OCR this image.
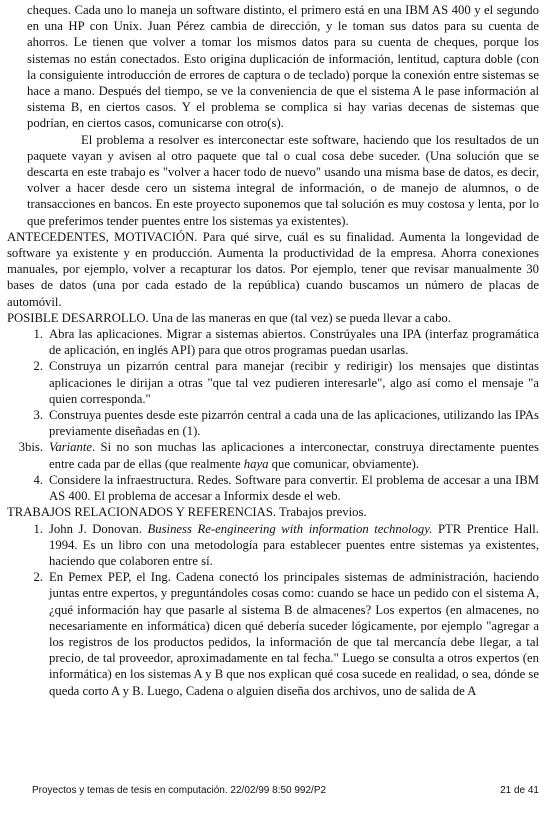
cheques. Cada uno lo maneja un software distinto, el primero está en una IBM AS 400 y el segundo en una HP con Unix. Juan Pérez cambia de dirección, y le toman sus datos para su cuenta de ahorros. Le tienen que volver a tomar los mismos datos para su cuenta de cheques, porque los sistemas no están conectados. Esto origina duplicación de información, lentitud, captura doble (con la consiguiente introducción de errores de captura o de teclado) porque la conexión entre sistemas se hace a mano. Después del tiempo, se ve la conveniencia de que el sistema A le pase información al sistema B, en ciertos casos. Y el problema se complica si hay varias decenas de sistemas que podrían, en ciertos casos, comunicarse con otro(s).

El problema a resolver es interconectar este software, haciendo que los resultados de un paquete vayan y avisen al otro paquete que tal o cual cosa debe suceder. (Una solución que se descarta en este trabajo es "volver a hacer todo de nuevo" usando una misma base de datos, es decir, volver a hacer desde cero un sistema integral de información, o de manejo de alumnos, o de transacciones en bancos. En este proyecto suponemos que tal solución es muy costosa y lenta, por lo que preferimos tender puentes entre los sistemas ya existentes).

ANTECEDENTES, MOTIVACIÓN. Para qué sirve, cuál es su finalidad. Aumenta la longevidad de software ya existente y en producción. Aumenta la productividad de la empresa. Ahorra conexiones manuales, por ejemplo, volver a recapturar los datos. Por ejemplo, tener que revisar manualmente 30 bases de datos (una por cada estado de la república) cuando buscamos un número de placas de automóvil.

POSIBLE DESARROLLO. Una de las maneras en que (tal vez) se pueda llevar a cabo.

1. Abra las aplicaciones. Migrar a sistemas abiertos. Constrúyales una IPA (interfaz programática de aplicación, en inglés API) para que otros programas puedan usarlas.
2. Construya un pizarrón central para manejar (recibir y redirigir) los mensajes que distintas aplicaciones le dirijan a otras "que tal vez pudieren interesarle", algo así como el mensaje "a quien corresponda."
3. Construya puentes desde este pizarrón central a cada una de las aplicaciones, utilizando las IPAs previamente diseñadas en (1).
3bis. Variante. Si no son muchas las aplicaciones a interconectar, construya directamente puentes entre cada par de ellas (que realmente haya que comunicar, obviamente).
4. Considere la infraestructura. Redes. Software para convertir. El problema de accesar a una IBM AS 400. El problema de accesar a Informix desde el web.

TRABAJOS RELACIONADOS Y REFERENCIAS. Trabajos previos.

1. John J. Donovan. Business Re-engineering with information technology. PTR Prentice Hall. 1994. Es un libro con una metodología para establecer puentes entre sistemas ya existentes, haciendo que colaboren entre sí.
2. En Pemex PEP, el Ing. Cadena conectó los principales sistemas de administración, haciendo juntas entre expertos, y preguntándoles cosas como: cuando se hace un pedido con el sistema A, ¿qué información hay que pasarle al sistema B de almacenes? Los expertos (en almacenes, no necesariamente en informática) dicen qué debería suceder lógicamente, por ejemplo "agregar a los registros de los productos pedidos, la información de que tal mercancía debe llegar, a tal precio, de tal proveedor, aproximadamente en tal fecha." Luego se consulta a otros expertos (en informática) en los sistemas A y B que nos explican qué cosa sucede en realidad, o sea, dónde se queda corto A y B. Luego, Cadena o alguien diseña dos archivos, uno de salida de A
Proyectos y temas de tesis en computación. 22/02/99 8:50 992/P2	21 de 41
